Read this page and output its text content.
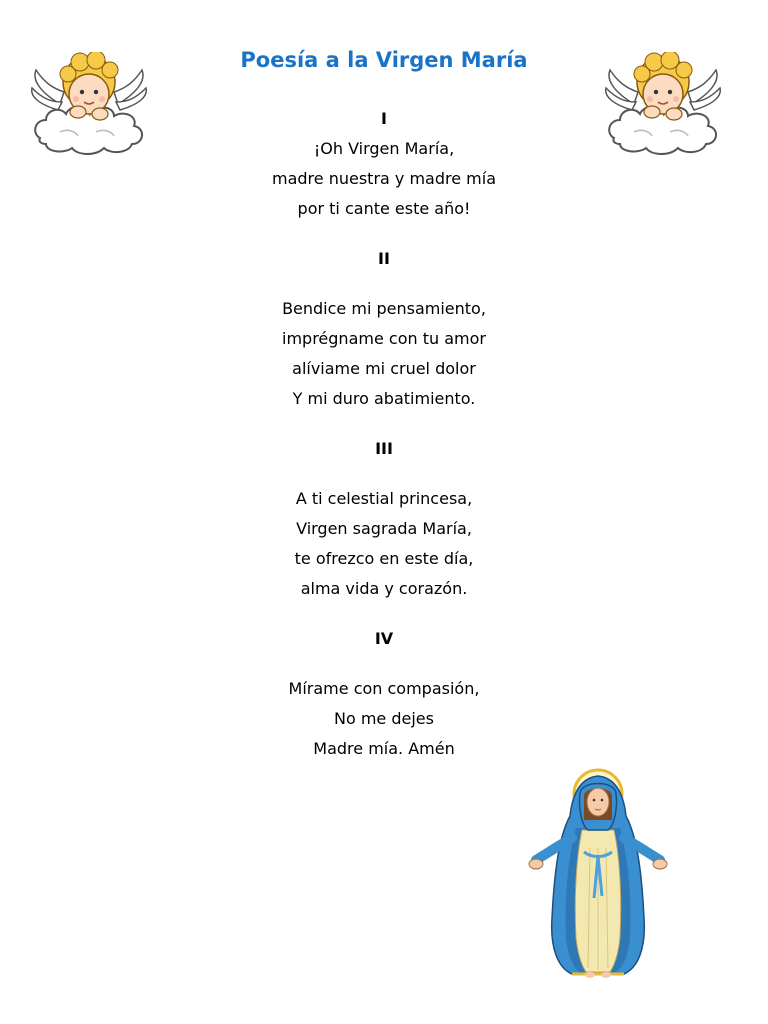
Poesía a la Virgen María
I
¡Oh Virgen María,
madre nuestra y madre mía
por ti cante este año!
II
Bendice mi pensamiento,
imprégname con tu amor
alíviame mi cruel dolor
Y mi duro abatimiento.
III
A ti celestial princesa,
Virgen sagrada María,
te ofrezco en este día,
alma vida y corazón.
IV
Mírame con compasión,
No me dejes
Madre mía. Amén
